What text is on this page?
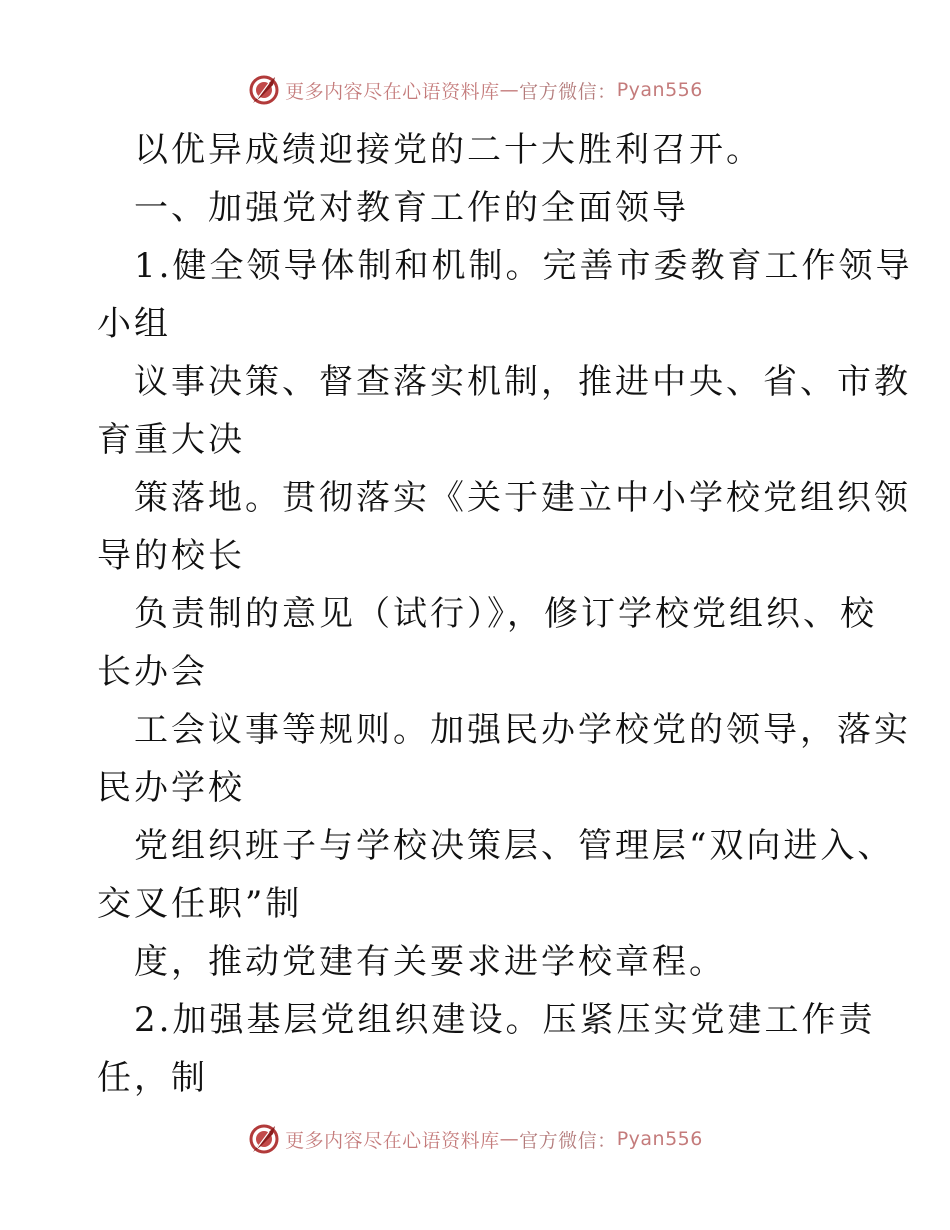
更多内容尽在心语资料库 — 官方微信： Pyan556

以优异成绩迎接党的二十大胜利召开。

一、加强党对教育工作的全面领导

1.健全领导体制和机制。完善市委教育工作领导

小组

议事决策、督查落实机制，推进中央、省、市教

育重大决

策落地。贯彻落实《关于建立中小学校党组织领

导的校长

负责制的意见（试行）》，修订学校党组织、校

长办会

工会议事等规则。加强民办学校党的领导，落实

民办学校

党组织班子与学校决策层、管理层“双向进入、

交叉任职”制

度，推动党建有关要求进学校章程。

2.加强基层党组织建设。压紧压实党建工作责

任，制

更多内容尽在心语资料库 — 官方微信： Pyan556
